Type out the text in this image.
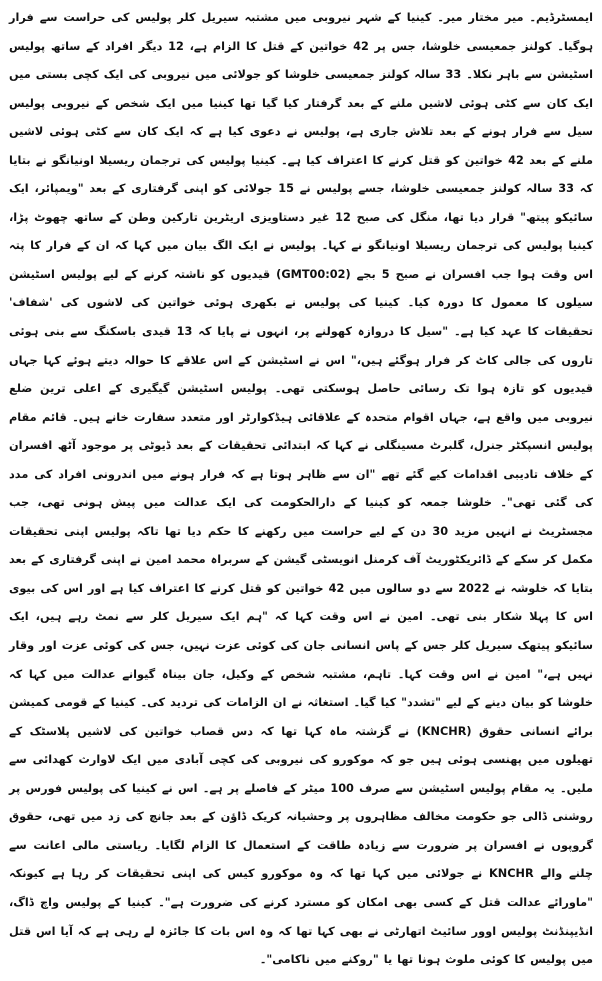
ایمسٹرڈیم۔ میر مختار میر۔ کینیا کے شہر نیروبی میں مشتبہ سیریل کلر پولیس کی حراست سے فرار ہوگیا۔ کولنز جمعیسی خلوشا، جس پر 42 خواتین کے قتل کا الزام ہے، 12 دیگر افراد کے ساتھ پولیس اسٹیشن سے باہر نکلا۔ 33 سالہ کولنز جمعیسی خلوشا کو جولائی میں نیروبی کی ایک کچی بستی میں ایک کان سے کٹی ہوئی لاشیں ملنے کے بعد گرفتار کیا گیا تھا کینیا میں ایک شخص کے نیروبی پولیس سیل سے فرار ہونے کے بعد تلاش جاری ہے، پولیس نے دعوی کیا ہے کہ ایک کان سے کٹی ہوئی لاشیں ملنے کے بعد 42 خواتین کو قتل کرنے کا اعتراف کیا ہے۔ کینیا پولیس کی ترجمان ریسیلا اونیانگو نے بتایا کہ 33 سالہ کولنز جمعیسی خلوشا، جسے پولیس نے 15 جولائی کو اپنی گرفتاری کے بعد "ویمپائر، ایک سائیکو پیتھ" قرار دیا تھا، منگل کی صبح 12 غیر دستاویزی اریٹرین تارکین وطن کے ساتھ چھوٹ پڑا، کینیا پولیس کی ترجمان ریسیلا اونیانگو نے کہا۔ پولیس نے ایک الگ بیان میں کہا کہ ان کے فرار کا پتہ اس وقت ہوا جب افسران نے صبح 5 بجے (GMT00:02) قیدیوں کو ناشتہ کرنے کے لیے پولیس اسٹیشن سیلوں کا معمول کا دورہ کیا۔ کینیا کی پولیس نے بکھری ہوئی خواتین کی لاشوں کی 'شفاف' تحقیقات کا عہد کیا ہے۔ "سیل کا دروازہ کھولنے پر، انہوں نے پایا کہ 13 قیدی باسکنگ سے بنی ہوئی تاروں کی جالی کاٹ کر فرار ہوگئے ہیں،" اس نے اسٹیشن کے اس علاقے کا حوالہ دیتے ہوئے کہا جہاں قیدیوں کو تازہ ہوا تک رسائی حاصل ہوسکتی تھی۔ پولیس اسٹیشن گیگیری کے اعلی ترین ضلع نیروبی میں واقع ہے، جہاں اقوام متحدہ کے علاقائی ہیڈکوارٹر اور متعدد سفارت خانے ہیں۔ قائم مقام پولیس انسپکٹر جنرل، گلبرٹ مسینگلی نے کہا کہ ابتدائی تحقیقات کے بعد ڈیوٹی پر موجود آٹھ افسران کے خلاف تادیبی اقدامات کیے گئے تھے "ان سے ظاہر ہوتا ہے کہ فرار ہونے میں اندرونی افراد کی مدد کی گئی تھی"۔ خلوشا جمعہ کو کینیا کے دارالحکومت کی ایک عدالت میں پیش ہونی تھی، جب مجسٹریٹ نے انہیں مزید 30 دن کے لیے حراست میں رکھنے کا حکم دیا تھا تاکہ پولیس اپنی تحقیقات مکمل کر سکے کے ڈائریکٹوریٹ آف کرمنل انویسٹی گیشن کے سربراہ محمد امین نے اپنی گرفتاری کے بعد بتایا کہ خلوشہ نے 2022 سے دو سالوں میں 42 خواتین کو قتل کرنے کا اعتراف کیا ہے اور اس کی بیوی اس کا پہلا شکار بنی تھی۔ امین نے اس وقت کہا کہ "ہم ایک سیریل کلر سے نمٹ رہے ہیں، ایک سائیکو پیتھک سیریل کلر جس کے پاس انسانی جان کی کوئی عزت نہیں، جس کی کوئی عزت اور وقار نہیں ہے،" امین نے اس وقت کہا۔ تاہم، مشتبہ شخص کے وکیل، جان بیناہ گیوانے عدالت میں کہا کہ خلوشا کو بیان دینے کے لیے "تشدد" کیا گیا۔ استغاثہ نے ان الزامات کی تردید کی۔ کینیا کے قومی کمیشن برائے انسانی حقوق (KNCHR) نے گزشتہ ماہ کہا تھا کہ دس قصاب خواتین کی لاشیں پلاسٹک کے تھیلوں میں پھنسی ہوئی ہیں جو کہ موکورو کی نیروبی کی کچی آبادی میں ایک لاوارث کھدائی سے ملیں۔ یہ مقام پولیس اسٹیشن سے صرف 100 میٹر کے فاصلے پر ہے۔ اس نے کینیا کی پولیس فورس پر روشنی ڈالی جو حکومت مخالف مظاہروں پر وحشیانہ کریک ڈاؤن کے بعد جانچ کی زد میں تھی، حقوق گروپوں نے افسران پر ضرورت سے زیادہ طاقت کے استعمال کا الزام لگایا۔ ریاستی مالی اعانت سے چلنے والے KNCHR نے جولائی میں کہا تھا کہ وہ موکورو کیس کی اپنی تحقیقات کر رہا ہے کیونکہ "ماورائے عدالت قتل کے کسی بھی امکان کو مسترد کرنے کی ضرورت ہے"۔ کینیا کے پولیس واچ ڈاگ، انڈیپنڈنٹ پولیس اوور سائیٹ اتھارٹی نے بھی کہا تھا کہ وہ اس بات کا جائزہ لے رہی ہے کہ آیا اس قتل میں پولیس کا کوئی ملوث ہونا تھا یا "روکنے میں ناکامی"۔
